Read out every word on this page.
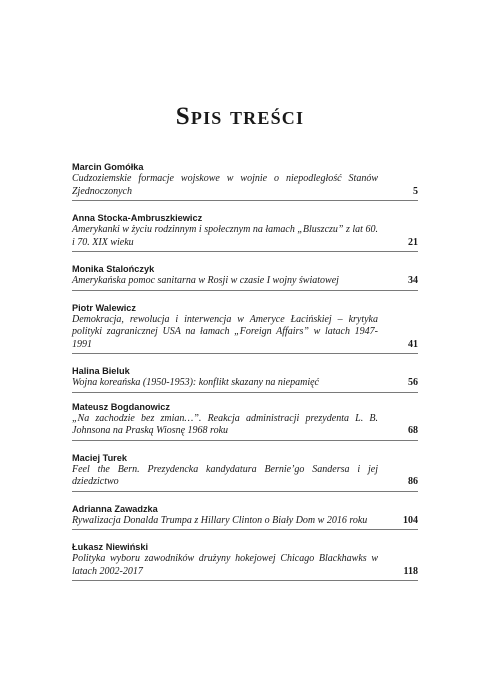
Spis treści
Marcin Gomółka
Cudzoziemskie formacje wojskowe w wojnie o niepodległość Stanów Zjednoczonych	5
Anna Stocka-Ambruszkiewicz
Amerykanki w życiu rodzinnym i społecznym na łamach „Bluszczu” z lat 60. i 70. XIX wieku	21
Monika Stalończyk
Amerykańska pomoc sanitarna w Rosji w czasie I wojny światowej	34
Piotr Walewicz
Demokracja, rewolucja i interwencja w Ameryce Łacińskiej – krytyka polityki zagranicznej USA na łamach „Foreign Affairs” w latach 1947-1991	41
Halina Bieluk
Wojna koreańska (1950-1953): konflikt skazany na niepamięć	56
Mateusz Bogdanowicz
„Na zachodzie bez zmian…”. Reakcja administracji prezydenta L. B. Johnsona na Praską Wiosnę 1968 roku	68
Maciej Turek
Feel the Bern. Prezydencka kandydatura Bernie’go Sandersa i jej dziedzictwo	86
Adrianna Zawadzka
Rywalizacja Donalda Trumpa z Hillary Clinton o Biały Dom w 2016 roku	104
Łukasz Niewiński
Polityka wyboru zawodników drużyny hokejowej Chicago Blackhawks w latach 2002-2017	118
